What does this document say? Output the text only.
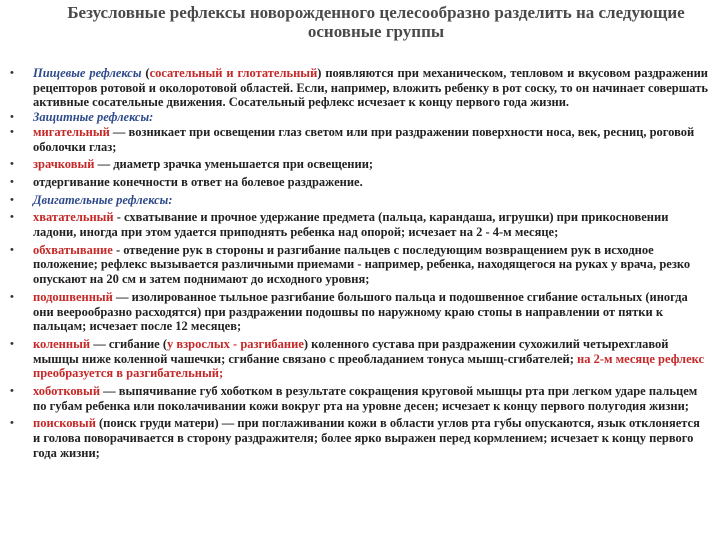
Безусловные рефлексы новорожденного целесообразно разделить на следующие основные группы
• Пищевые рефлексы (сосательный и глотательный) появляются при механическом, тепловом и вкусовом раздражении рецепторов ротовой и околоротовой областей. Если, например, вложить ребенку в рот соску, то он начинает совершать активные сосательные движения. Сосательный рефлекс исчезает к концу первого года жизни.
• Защитные рефлексы:
• мигательный — возникает при освещении глаз светом или при раздражении поверхности носа, век, ресниц, роговой оболочки глаз;
• зрачковый — диаметр зрачка уменьшается при освещении;
• отдергивание конечности в ответ на болевое раздражение.
• Двигательные рефлексы:
• хватательный - схватывание и прочное удержание предмета (пальца, карандаша, игрушки) при прикосновении ладони, иногда при этом удается приподнять ребенка над опорой; исчезает на 2 - 4-м месяце;
• обхватывание - отведение рук в стороны и разгибание пальцев с последующим возвращением рук в исходное положение; рефлекс вызывается различными приемами - например, ребенка, находящегося на руках у врача, резко опускают на 20 см и затем поднимают до исходного уровня;
• подошвенный — изолированное тыльное разгибание большого пальца и подошвенное сгибание остальных (иногда они веерообразно расходятся) при раздражении подошвы по наружному краю стопы в направлении от пятки к пальцам; исчезает после 12 месяцев;
• коленный — сгибание (у взрослых - разгибание) коленного сустава при раздражении сухожилий четырехглавой мышцы ниже коленной чашечки; сгибание связано с преобладанием тонуса мышц-сгибателей; на 2-м месяце рефлекс преобразуется в разгибательный;
• хоботковый — выпячивание губ хоботком в результате сокращения круговой мышцы рта при легком ударе пальцем по губам ребенка или поколачивании кожи вокруг рта на уровне десен; исчезает к концу первого полугодия жизни;
• поисковый (поиск груди матери) — при поглаживании кожи в области углов рта губы опускаются, язык отклоняется и голова поворачивается в сторону раздражителя; более ярко выражен перед кормлением; исчезает к концу первого года жизни;
